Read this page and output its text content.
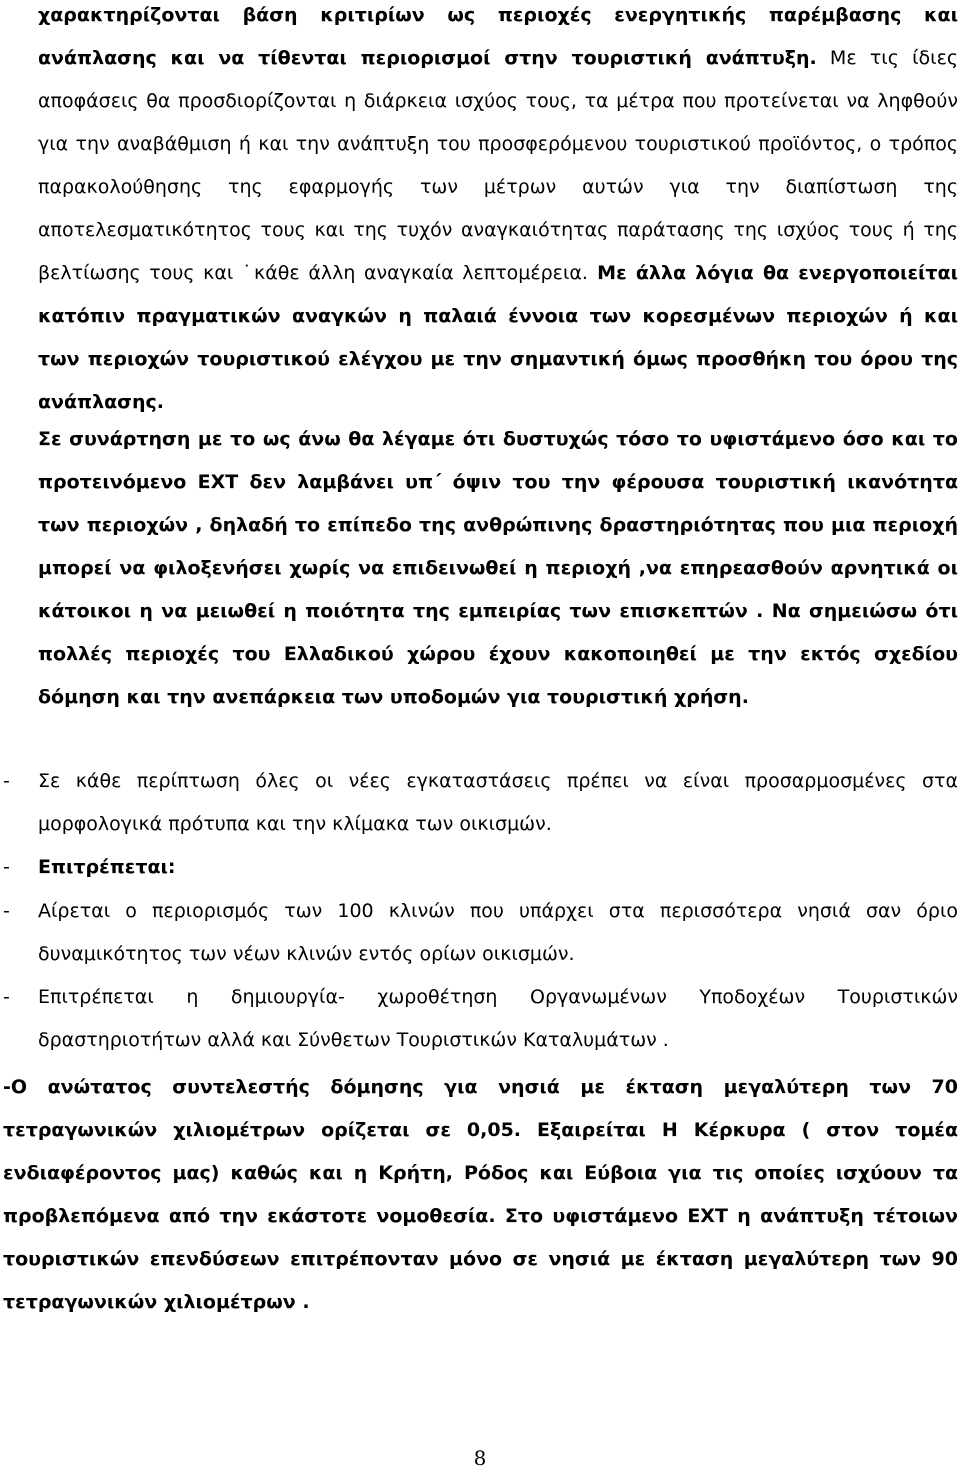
χαρακτηρίζονται βάση κριτιρίων ως περιοχές ενεργητικής παρέμβασης και ανάπλασης και να τίθενται περιορισμοί στην τουριστική ανάπτυξη. Με τις ίδιες αποφάσεις θα προσδιορίζονται η διάρκεια ισχύος τους, τα μέτρα που προτείνεται να ληφθούν για την αναβάθμιση ή και την ανάπτυξη του προσφερόμενου τουριστικού προϊόντος, ο τρόπος παρακολούθησης της εφαρμογής των μέτρων αυτών για την διαπίστωση της αποτελεσματικότητος τους και της τυχόν αναγκαιότητας παράτασης της ισχύος τους ή της βελτίωσης τους και ˙κάθε άλλη αναγκαία λεπτομέρεια. Με άλλα λόγια θα ενεργοποιείται κατόπιν πραγματικών αναγκών η παλαιά έννοια των κορεσμένων περιοχών ή και των περιοχών τουριστικού ελέγχου με την σημαντική όμως προσθήκη του όρου της ανάπλασης.

Σε συνάρτηση με το ως άνω θα λέγαμε ότι δυστυχώς τόσο το υφιστάμενο όσο και το προτεινόμενο ΕΧΤ δεν λαμβάνει υπ΄ όψιν του την φέρουσα τουριστική ικανότητα των περιοχών , δηλαδή το επίπεδο της ανθρώπινης δραστηριότητας που μια περιοχή μπορεί να φιλοξενήσει χωρίς να επιδεινωθεί η περιοχή ,να επηρεασθούν αρνητικά οι κάτοικοι η να μειωθεί η ποιότητα της εμπειρίας των επισκεπτών . Να σημειώσω ότι πολλές περιοχές του Ελλαδικού χώρου έχουν κακοποιηθεί με την εκτός σχεδίου δόμηση και την ανεπάρκεια των υποδομών για τουριστική χρήση.

- Σε κάθε περίπτωση όλες οι νέες εγκαταστάσεις πρέπει να είναι προσαρμοσμένες στα μορφολογικά πρότυπα και την κλίμακα των οικισμών.
- Επιτρέπεται:
- Αίρεται ο περιορισμός των 100 κλινών που υπάρχει στα περισσότερα νησιά σαν όριο δυναμικότητος των νέων κλινών εντός ορίων οικισμών.
- Επιτρέπεται η δημιουργία- χωροθέτηση Οργανωμένων Υποδοχέων Τουριστικών δραστηριοτήτων αλλά και Σύνθετων Τουριστικών Καταλυμάτων .

-Ο ανώτατος συντελεστής δόμησης για νησιά με έκταση μεγαλύτερη των 70 τετραγωνικών χιλιομέτρων ορίζεται σε 0,05. Εξαιρείται Η Κέρκυρα ( στον τομέα ενδιαφέροντος μας) καθώς και η Κρήτη, Ρόδος και Εύβοια για τις οποίες ισχύουν τα προβλεπόμενα από την εκάστοτε νομοθεσία. Στο υφιστάμενο ΕΧΤ η ανάπτυξη τέτοιων τουριστικών επενδύσεων επιτρέπονταν μόνο σε νησιά με έκταση μεγαλύτερη των 90 τετραγωνικών χιλιομέτρων .

8
